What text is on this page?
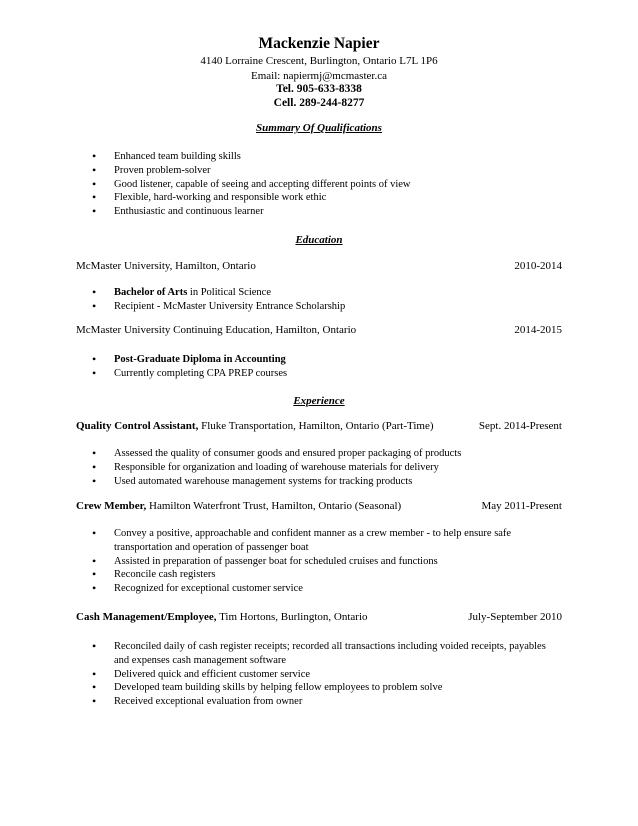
Mackenzie Napier
4140 Lorraine Crescent, Burlington, Ontario L7L 1P6
Email: napiermj@mcmaster.ca
Tel. 905-633-8338
Cell. 289-244-8277
Summary Of Qualifications
• Enhanced team building skills
• Proven problem-solver
• Good listener, capable of seeing and accepting different points of view
• Flexible, hard-working and responsible work ethic
• Enthusiastic and continuous learner
Education
McMaster University, Hamilton, Ontario	2010-2014
• Bachelor of Arts in Political Science
• Recipient - McMaster University Entrance Scholarship
McMaster University Continuing Education, Hamilton, Ontario	2014-2015
• Post-Graduate Diploma in Accounting
• Currently completing CPA PREP courses
Experience
Quality Control Assistant, Fluke Transportation, Hamilton, Ontario (Part-Time)	Sept. 2014-Present
• Assessed the quality of consumer goods and ensured proper packaging of products
• Responsible for organization and loading of warehouse materials for delivery
• Used automated warehouse management systems for tracking products
Crew Member, Hamilton Waterfront Trust, Hamilton, Ontario (Seasonal)	May 2011-Present
• Convey a positive, approachable and confident manner as a crew member - to help ensure safe transportation and operation of passenger boat
• Assisted in preparation of passenger boat for scheduled cruises and functions
• Reconcile cash registers
• Recognized for exceptional customer service
Cash Management/Employee, Tim Hortons, Burlington, Ontario	July-September 2010
• Reconciled daily of cash register receipts; recorded all transactions including voided receipts, payables and expenses cash management software
• Delivered quick and efficient customer service
• Developed team building skills by helping fellow employees to problem solve
• Received exceptional evaluation from owner
